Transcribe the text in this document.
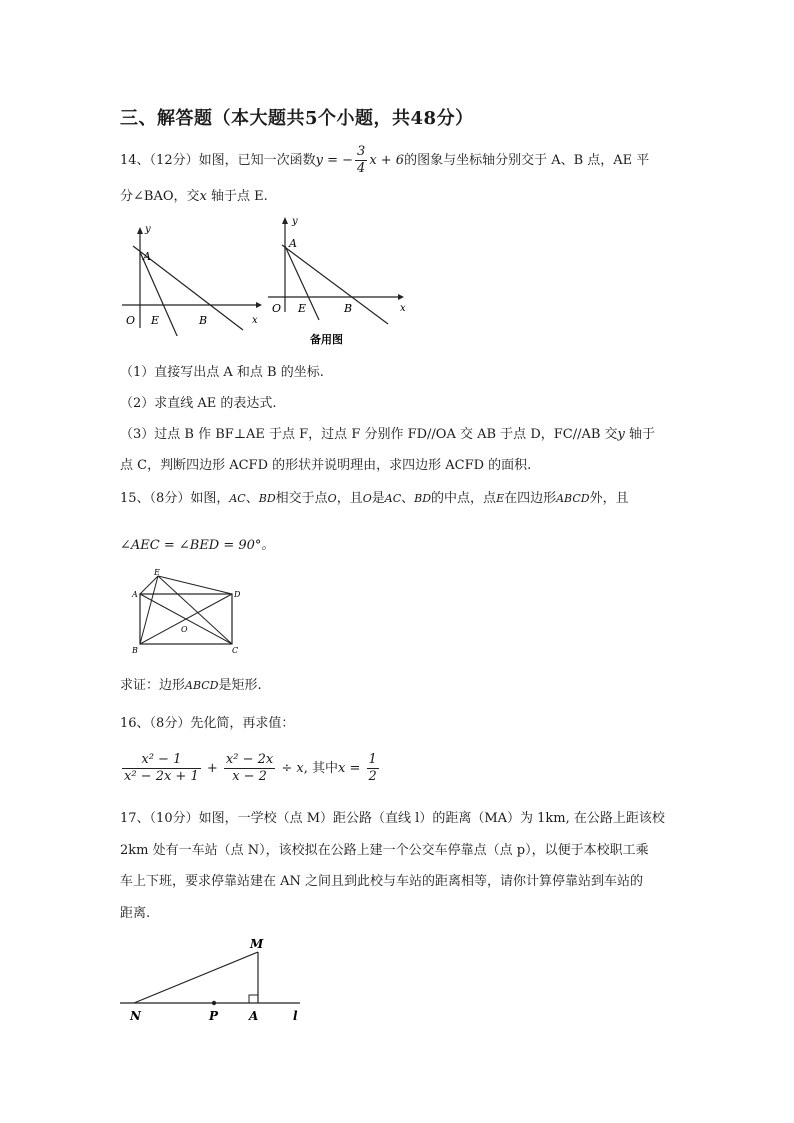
三、解答题（本大题共5个小题，共48分）
14、（12分）如图，已知一次函数y = − $\frac{3}{4}$ x + 6的图象与坐标轴分别交于 A、B 点，AE 平
分∠BAO，交x 轴于点 E.
y
A
O E	B	x
y
A
O E	B	x
备用图
（1）直接写出点 A 和点 B 的坐标.
（2）求直线 AE 的表达式.
（3）过点 B 作 BF⊥AE 于点 F，过点 F 分别作 FD//OA 交 AB 于点 D，FC//AB 交y 轴于
点 C，判断四边形 ACFD 的形状并说明理由，求四边形 ACFD 的面积.
15、（8分）如图，AC、BD相交于点O，且O是AC、BD的中点，点E在四边形ABCD外，且
∠AEC = ∠BED = 90°。
E
A	D
O
B	C
求证：边形ABCD是矩形.
16、（8分）先化简，再求值：
$\frac{\text{x² − 1}}{\text{x² − 2x + 1}} + \frac{\text{x² − 2x}}{x - 2} \div x$, 其中$x = \frac{1}{2}$
17、（10分）如图，一学校（点 M）距公路（直线 l）的距离（MA）为 1km, 在公路上距该校
2km 处有一车站（点 N），该校拟在公路上建一个公交车停靠点（点 p），以便于本校职工乘
车上下班，要求停靠站建在 AN 之间且到此校与车站的距离相等，请你计算停靠站到车站的
距离.
M
N	P	A	l
